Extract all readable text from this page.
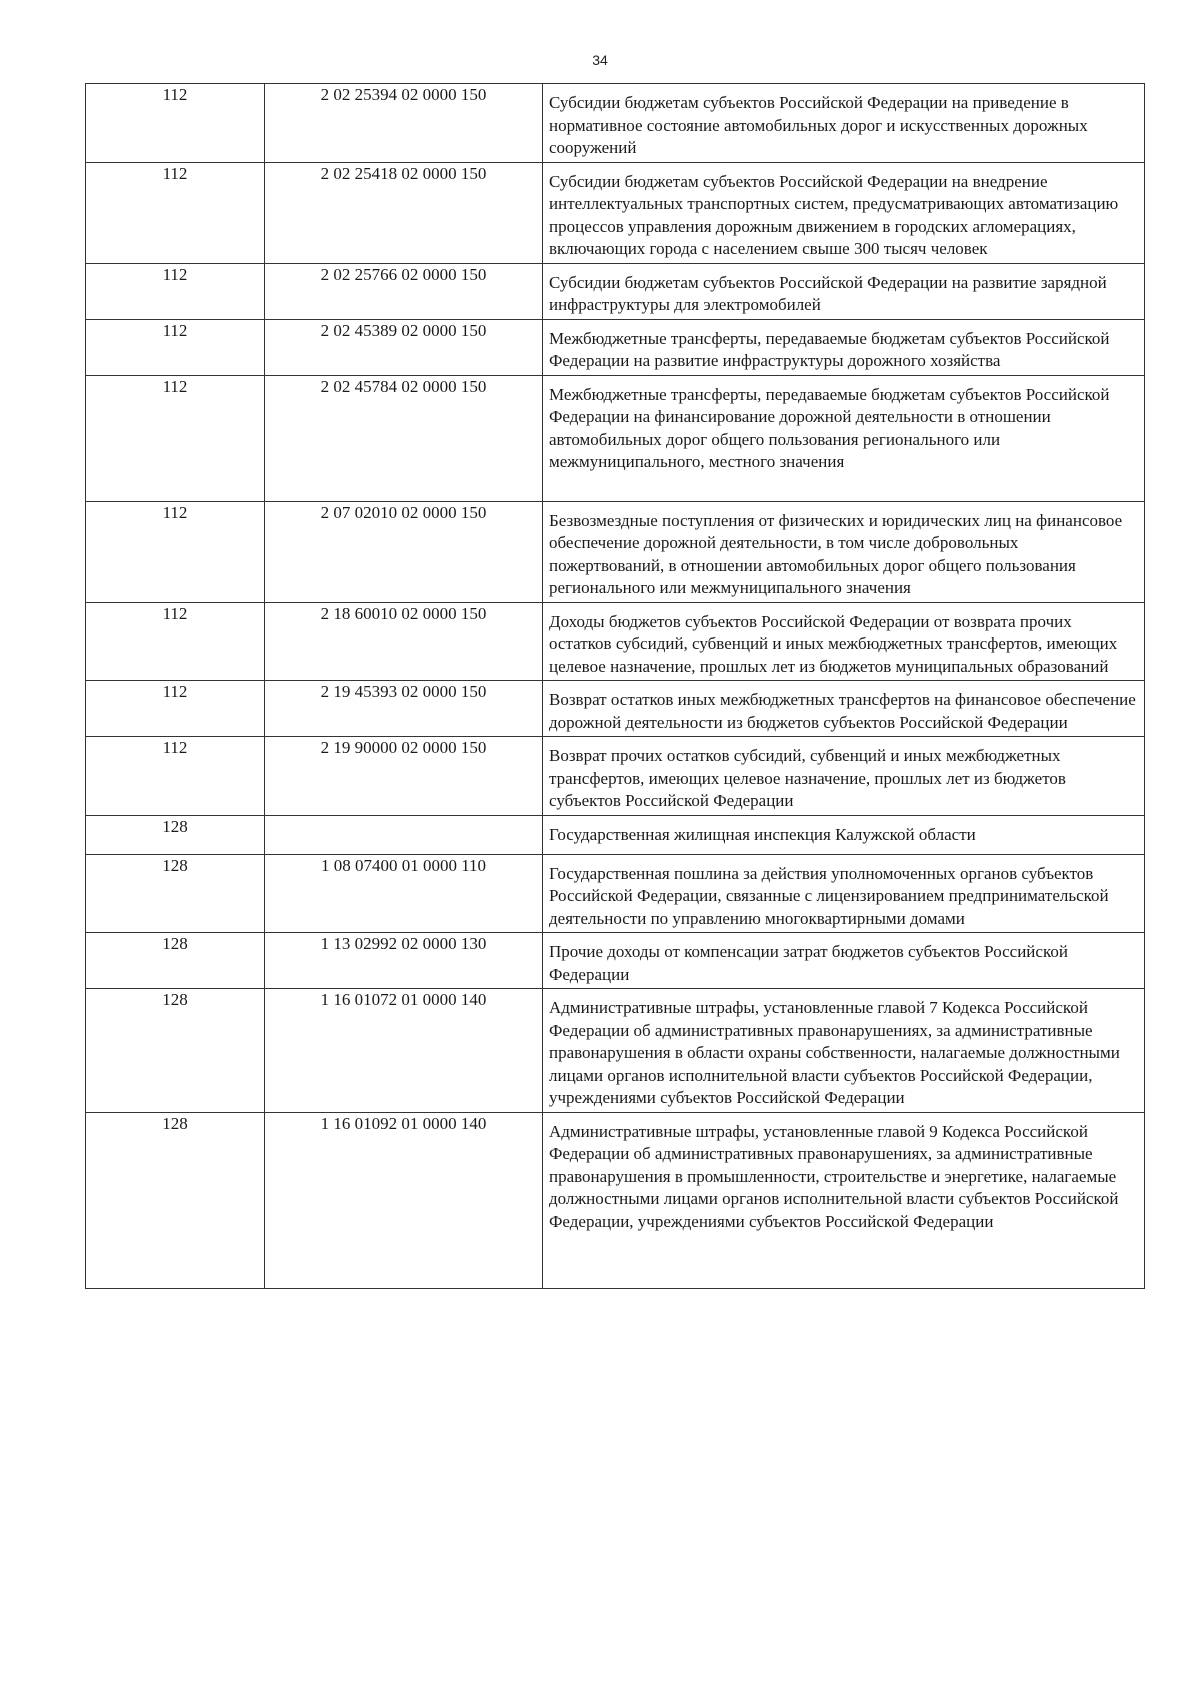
34
112	2 02 25394 02 0000 150	Субсидии бюджетам субъектов Российской Федерации на приведение в нормативное состояние автомобильных дорог и искусственных дорожных сооружений
112	2 02 25418 02 0000 150	Субсидии бюджетам субъектов Российской Федерации на внедрение интеллектуальных транспортных систем, предусматривающих автоматизацию процессов управления дорожным движением в городских агломерациях, включающих города с населением свыше 300 тысяч человек
112	2 02 25766 02 0000 150	Субсидии бюджетам субъектов Российской Федерации на развитие зарядной инфраструктуры для электромобилей
112	2 02 45389 02 0000 150	Межбюджетные трансферты, передаваемые бюджетам субъектов Российской Федерации на развитие инфраструктуры дорожного хозяйства
112	2 02 45784 02 0000 150	Межбюджетные трансферты, передаваемые бюджетам субъектов Российской Федерации на финансирование дорожной деятельности в отношении автомобильных дорог общего пользования регионального или межмуниципального, местного значения
112	2 07 02010 02 0000 150	Безвозмездные поступления от физических и юридических лиц на финансовое обеспечение дорожной деятельности, в том числе добровольных пожертвований, в отношении автомобильных дорог общего пользования регионального или межмуниципального значения
112	2 18 60010 02 0000 150	Доходы бюджетов субъектов Российской Федерации от возврата прочих остатков субсидий, субвенций и иных межбюджетных трансфертов, имеющих целевое назначение, прошлых лет из бюджетов муниципальных образований
112	2 19 45393 02 0000 150	Возврат остатков иных межбюджетных трансфертов на финансовое обеспечение дорожной деятельности из бюджетов субъектов Российской Федерации
112	2 19 90000 02 0000 150	Возврат прочих остатков субсидий, субвенций и иных межбюджетных трансфертов, имеющих целевое назначение, прошлых лет из бюджетов субъектов Российской Федерации
128		Государственная жилищная инспекция Калужской области
128	1 08 07400 01 0000 110	Государственная пошлина за действия уполномоченных органов субъектов Российской Федерации, связанные с лицензированием предпринимательской деятельности по управлению многоквартирными домами
128	1 13 02992 02 0000 130	Прочие доходы от компенсации затрат бюджетов субъектов Российской Федерации
128	1 16 01072 01 0000 140	Административные штрафы, установленные главой 7 Кодекса Российской Федерации об административных правонарушениях, за административные правонарушения в области охраны собственности, налагаемые должностными лицами органов исполнительной власти субъектов Российской Федерации, учреждениями субъектов Российской Федерации
128	1 16 01092 01 0000 140	Административные штрафы, установленные главой 9 Кодекса Российской Федерации об административных правонарушениях, за административные правонарушения в промышленности, строительстве и энергетике, налагаемые должностными лицами органов исполнительной власти субъектов Российской Федерации, учреждениями субъектов Российской Федерации
